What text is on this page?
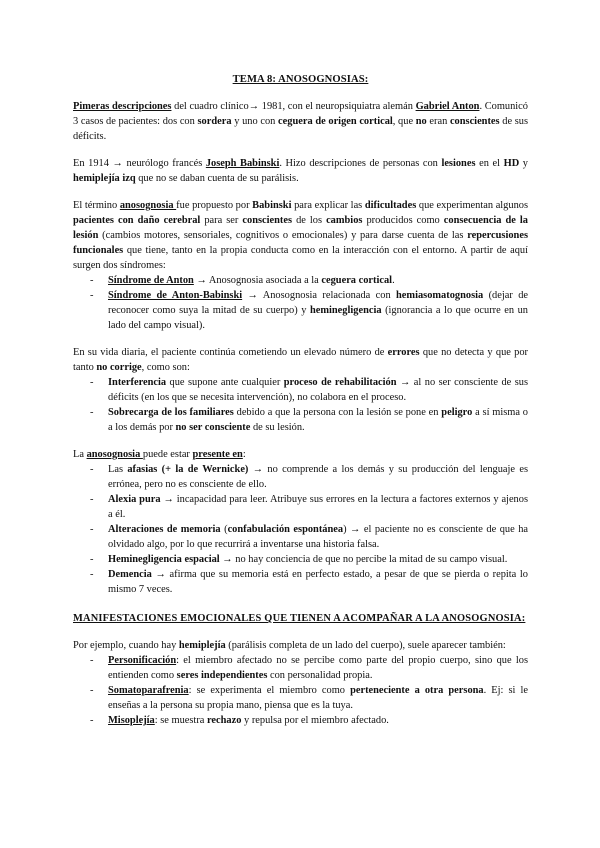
TEMA 8: ANOSOGNOSIAS:

Pimeras descripciones del cuadro clínico→ 1981, con el neuropsiquiatra alemán Gabriel Anton. Comunicó 3 casos de pacientes: dos con sordera y uno con ceguera de origen cortical, que no eran conscientes de sus déficits.

En 1914 → neurólogo francés Joseph Babinski. Hizo descripciones de personas con lesiones en el HD y hemiplejía izq que no se daban cuenta de su parálisis.

El término anosognosia fue propuesto por Babinski para explicar las dificultades que experimentan algunos pacientes con daño cerebral para ser conscientes de los cambios producidos como consecuencia de la lesión (cambios motores, sensoriales, cognitivos o emocionales) y para darse cuenta de las repercusiones funcionales que tiene, tanto en la propia conducta como en la interacción con el entorno. A partir de aquí surgen dos síndromes:

- Síndrome de Anton → Anosognosia asociada a la ceguera cortical.
- Síndrome de Anton-Babinski → Anosognosia relacionada con hemiasomatognosia (dejar de reconocer como suya la mitad de su cuerpo) y heminegligencia (ignorancia a lo que ocurre en un lado del campo visual).

En su vida diaria, el paciente continúa cometiendo un elevado número de errores que no detecta y que por tanto no corrige, como son:

- Interferencia que supone ante cualquier proceso de rehabilitación → al no ser consciente de sus déficits (en los que se necesita intervención), no colabora en el proceso.
- Sobrecarga de los familiares debido a que la persona con la lesión se pone en peligro a sí misma o a los demás por no ser consciente de su lesión.

La anosognosia puede estar presente en:

- Las afasias (+ la de Wernicke) → no comprende a los demás y su producción del lenguaje es errónea, pero no es consciente de ello.
- Alexia pura → incapacidad para leer. Atribuye sus errores en la lectura a factores externos y ajenos a él.
- Alteraciones de memoria (confabulación espontánea) → el paciente no es consciente de que ha olvidado algo, por lo que recurrirá a inventarse una historia falsa.
- Heminegligencia espacial → no hay conciencia de que no percibe la mitad de su campo visual.
- Demencia → afirma que su memoria está en perfecto estado, a pesar de que se pierda o repita lo mismo 7 veces.
MANIFESTACIONES EMOCIONALES QUE TIENEN A ACOMPAÑAR A LA ANOSOGNOSIA:

Por ejemplo, cuando hay hemiplejía (parálisis completa de un lado del cuerpo), suele aparecer también:

- Personificación: el miembro afectado no se percibe como parte del propio cuerpo, sino que los entienden como seres independientes con personalidad propia.
- Somatoparafrenia: se experimenta el miembro como perteneciente a otra persona. Ej: si le enseñas a la persona su propia mano, piensa que es la tuya.
- Misoplejía: se muestra rechazo y repulsa por el miembro afectado.
